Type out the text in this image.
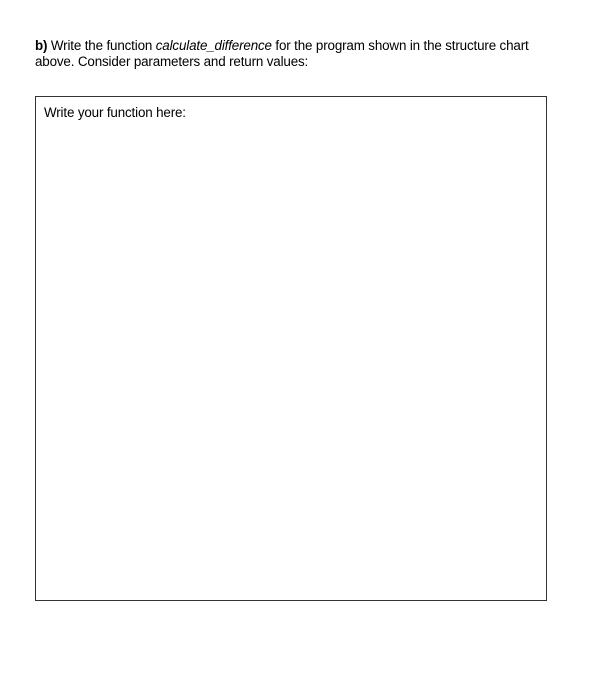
b) Write the function calculate_difference for the program shown in the structure chart above. Consider parameters and return values:
Write your function here:
